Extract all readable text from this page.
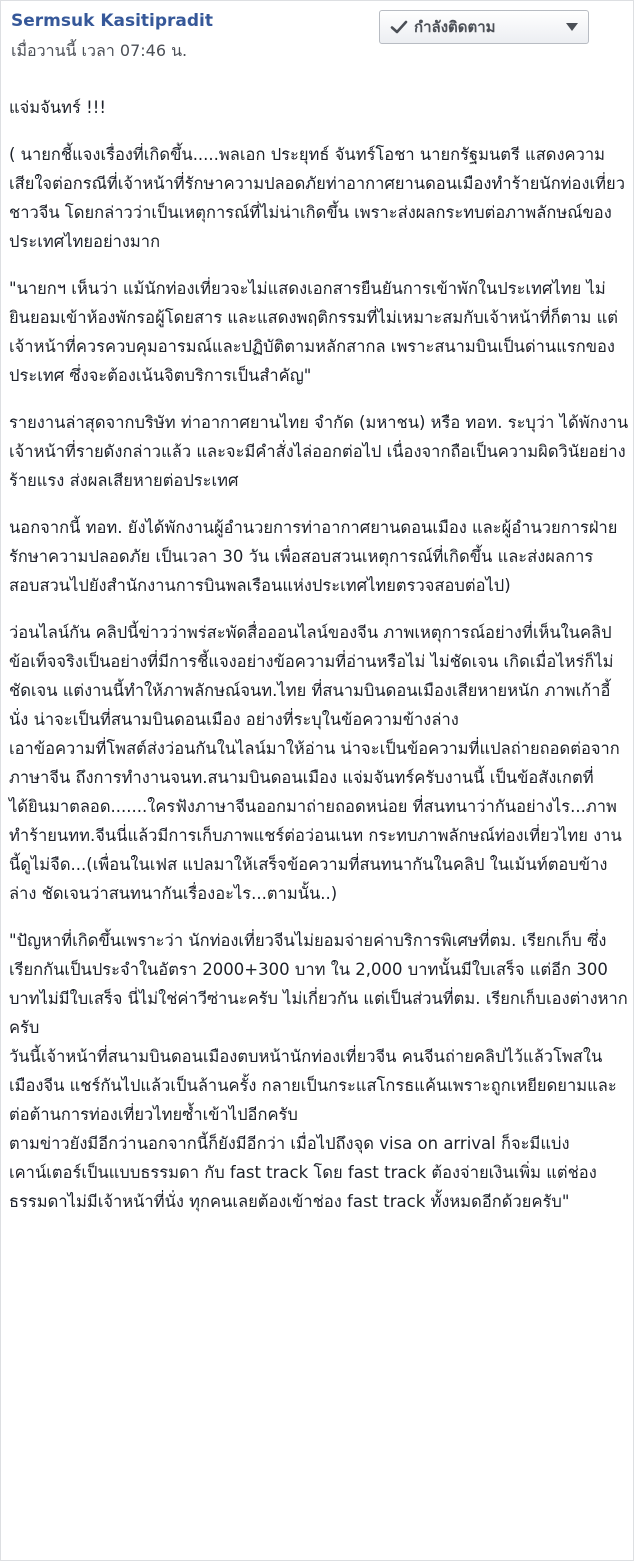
Sermsuk Kasitipradit
เมื่อวานนี้ เวลา 07:46 น.
กำลังติดตาม

แจ่มจันทร์ !!!

( นายกชี้แจงเรื่องที่เกิดขึ้น.....พลเอก ประยุทธ์ จันทร์โอชา นายกรัฐมนตรี แสดงความเสียใจต่อกรณีที่เจ้าหน้าที่รักษาความปลอดภัยท่าอากาศยานดอนเมืองทำร้ายนักท่องเที่ยวชาวจีน โดยกล่าวว่าเป็นเหตุการณ์ที่ไม่น่าเกิดขึ้น เพราะส่งผลกระทบต่อภาพลักษณ์ของประเทศไทยอย่างมาก

"นายกฯ เห็นว่า แม้นักท่องเที่ยวจะไม่แสดงเอกสารยืนยันการเข้าพักในประเทศไทย ไม่ยินยอมเข้าห้องพักรอผู้โดยสาร และแสดงพฤติกรรมที่ไม่เหมาะสมกับเจ้าหน้าที่ก็ตาม แต่เจ้าหน้าที่ควรควบคุมอารมณ์และปฏิบัติตามหลักสากล เพราะสนามบินเป็นด่านแรกของประเทศ ซึ่งจะต้องเน้นจิตบริการเป็นสำคัญ"

รายงานล่าสุดจากบริษัท ท่าอากาศยานไทย จำกัด (มหาชน) หรือ ทอท. ระบุว่า ได้พักงานเจ้าหน้าที่รายดังกล่าวแล้ว และจะมีคำสั่งไล่ออกต่อไป เนื่องจากถือเป็นความผิดวินัยอย่างร้ายแรง ส่งผลเสียหายต่อประเทศ

นอกจากนี้ ทอท. ยังได้พักงานผู้อำนวยการท่าอากาศยานดอนเมือง และผู้อำนวยการฝ่ายรักษาความปลอดภัย เป็นเวลา 30 วัน เพื่อสอบสวนเหตุการณ์ที่เกิดขึ้น และส่งผลการสอบสวนไปยังสำนักงานการบินพลเรือนแห่งประเทศไทยตรวจสอบต่อไป)

ว่อนไลน์กัน คลิปนี้ข่าวว่าพร่สะพัดสื่อออนไลน์ของจีน ภาพเหตุการณ์อย่างที่เห็นในคลิปข้อเท็จจริงเป็นอย่างที่มีการชี้แจงอย่างข้อความที่อ่านหรือไม่ ไม่ชัดเจน เกิดเมื่อไหร่ก็ไม่ชัดเจน แต่งานนี้ทำให้ภาพลักษณ์จนท.ไทย ที่สนามบินดอนเมืองเสียหายหนัก ภาพเก้าอี้นั่ง น่าจะเป็นที่สนามบินดอนเมือง อย่างที่ระบุในข้อความข้างล่าง
เอาข้อความที่โพสต์ส่งว่อนกันในไลน์มาให้อ่าน น่าจะเป็นข้อความที่แปลถ่ายถอดต่อจากภาษาจีน ถึงการทำงานจนท.สนามบินดอนเมือง แจ่มจันทร์ครับงานนี้ เป็นข้อสังเกตที่ได้ยินมาตลอด.......ใครฟังภาษาจีนออกมาถ่ายถอดหน่อย ที่สนทนาว่ากันอย่างไร...ภาพทำร้ายนทท.จีนนี่แล้วมีการเก็บภาพแชร์ต่อว่อนเนท กระทบภาพลักษณ์ท่องเที่ยวไทย งานนี้ดูไม่จืด...(เพื่อนในเฟส แปลมาให้เสร็จข้อความที่สนทนากันในคลิป ในเม้นท์ตอบข้างล่าง ชัดเจนว่าสนทนากันเรื่องอะไร...ตามนั้น..)

"ปัญหาที่เกิดขึ้นเพราะว่า นักท่องเที่ยวจีนไม่ยอมจ่ายค่าบริการพิเศษที่ตม. เรียกเก็บ ซึ่งเรียกกันเป็นประจำในอัตรา 2000+300 บาท ใน 2,000 บาทนั้นมีใบเสร็จ แต่อีก 300 บาทไม่มีใบเสร็จ นี่ไม่ใช่ค่าวีซ่านะครับ ไม่เกี่ยวกัน แต่เป็นส่วนที่ตม. เรียกเก็บเองต่างหากครับ
วันนี้เจ้าหน้าที่สนามบินดอนเมืองตบหน้านักท่องเที่ยวจีน คนจีนถ่ายคลิปไว้แล้วโพสในเมืองจีน แชร์กันไปแล้วเป็นล้านครั้ง กลายเป็นกระแสโกรธแค้นเพราะถูกเหยียดยามและต่อต้านการท่องเที่ยวไทยซ้ำเข้าไปอีกครับ
ตามข่าวยังมีอีกว่านอกจากนี้ก็ยังมีอีกว่า เมื่อไปถึงจุด visa on arrival ก็จะมีแบ่งเคาน์เตอร์เป็นแบบธรรมดา กับ fast track โดย fast track ต้องจ่ายเงินเพิ่ม แต่ช่องธรรมดาไม่มีเจ้าหน้าที่นั่ง ทุกคนเลยต้องเข้าช่อง fast track ทั้งหมดอีกด้วยครับ"
